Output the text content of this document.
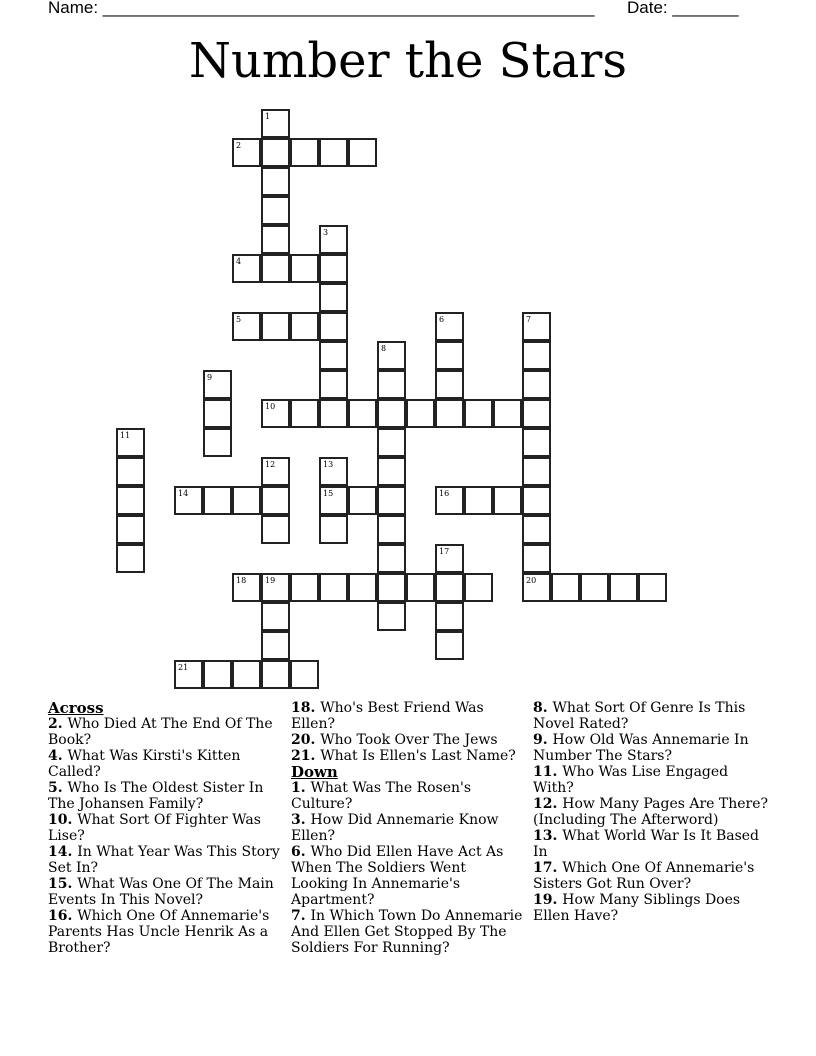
Name: ____________________________________________________ Date: _______
Number the Stars
1
2
3
4
5	6	7
20
8
9
10
11
12	13
15
14	16
17
18 19
21
Across
2. Who Died At The End Of The Book?
4. What Was Kirsti's Kitten Called?
5. Who Is The Oldest Sister In The Johansen Family?
10. What Sort Of Fighter Was Lise?
14. In What Year Was This Story Set In?
15. What Was One Of The Main Events In This Novel?
16. Which One Of Annemarie's Parents Has Uncle Henrik As a Brother?
18. Who's Best Friend Was Ellen?
20. Who Took Over The Jews
21. What Is Ellen's Last Name?
Down
1. What Was The Rosen's Culture?
3. How Did Annemarie Know Ellen?
6. Who Did Ellen Have Act As When The Soldiers Went Looking In Annemarie's Apartment?
7. In Which Town Do Annemarie And Ellen Get Stopped By The Soldiers For Running?
8. What Sort Of Genre Is This Novel Rated?
9. How Old Was Annemarie In Number The Stars?
11. Who Was Lise Engaged With?
12. How Many Pages Are There?(Including The Afterword)
13. What World War Is It Based In
17. Which One Of Annemarie's Sisters Got Run Over?
19. How Many Siblings Does Ellen Have?
